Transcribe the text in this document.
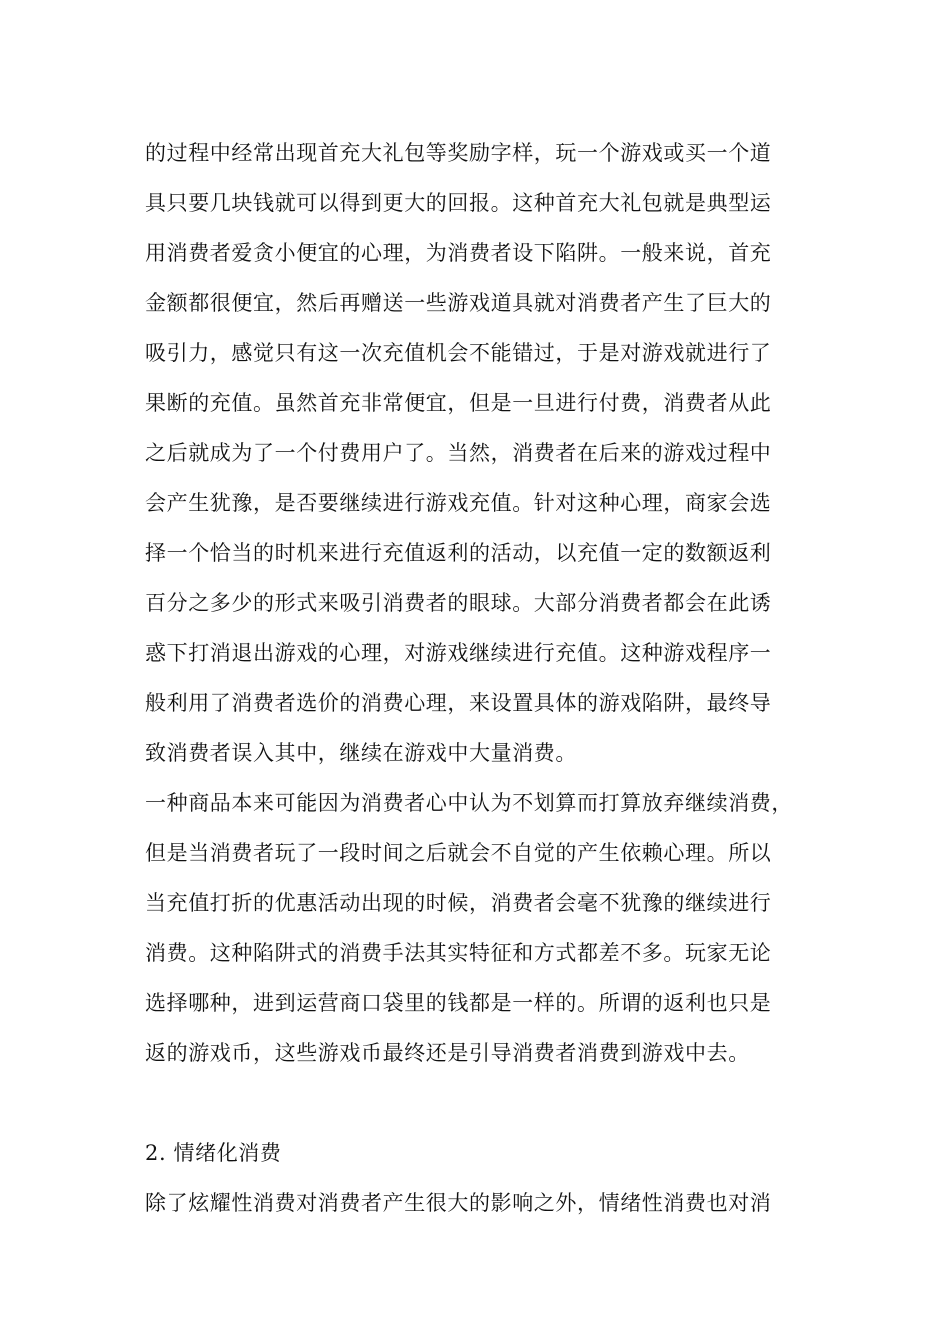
的过程中经常出现首充大礼包等奖励字样，玩一个游戏或买一个道
具只要几块钱就可以得到更大的回报。这种首充大礼包就是典型运
用消费者爱贪小便宜的心理，为消费者设下陷阱。一般来说，首充
金额都很便宜，然后再赠送一些游戏道具就对消费者产生了巨大的
吸引力，感觉只有这一次充值机会不能错过，于是对游戏就进行了
果断的充值。虽然首充非常便宜，但是一旦进行付费，消费者从此
之后就成为了一个付费用户了。当然，消费者在后来的游戏过程中
会产生犹豫，是否要继续进行游戏充值。针对这种心理，商家会选
择一个恰当的时机来进行充值返利的活动，以充值一定的数额返利
百分之多少的形式来吸引消费者的眼球。大部分消费者都会在此诱
惑下打消退出游戏的心理，对游戏继续进行充值。这种游戏程序一
般利用了消费者选价的消费心理，来设置具体的游戏陷阱，最终导
致消费者误入其中，继续在游戏中大量消费。
一种商品本来可能因为消费者心中认为不划算而打算放弃继续消费，
但是当消费者玩了一段时间之后就会不自觉的产生依赖心理。所以
当充值打折的优惠活动出现的时候，消费者会毫不犹豫的继续进行
消费。这种陷阱式的消费手法其实特征和方式都差不多。玩家无论
选择哪种，进到运营商口袋里的钱都是一样的。所谓的返利也只是
返的游戏币，这些游戏币最终还是引导消费者消费到游戏中去。
2. 情绪化消费
除了炫耀性消费对消费者产生很大的影响之外，情绪性消费也对消
